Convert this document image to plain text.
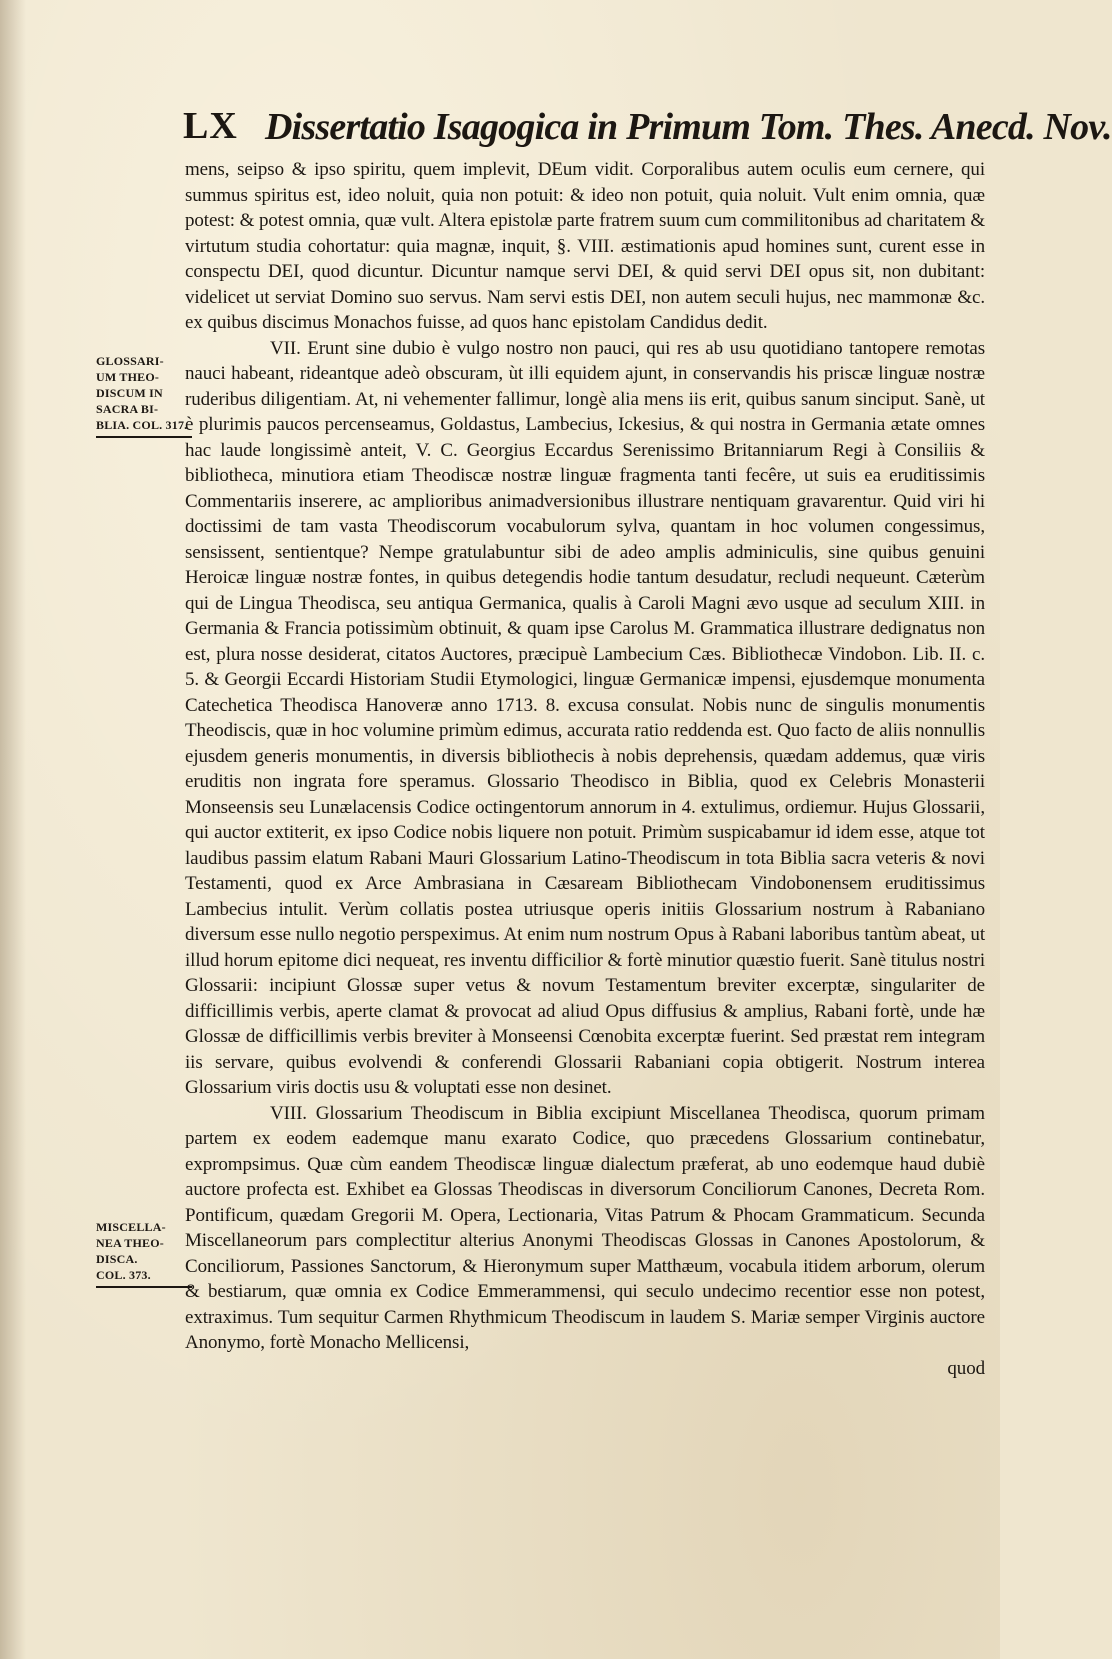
LX Dissertatio Isagogica in Primum Tom. Thes. Anecd. Nov.
GLOSSARI-
UM THEO-
DISCUM IN
SACRA BI-
BLIA. COL. 317.
MISCELLA-
NEA THEO-
DISCA.
COL. 373.

mens, seipso & ipso spiritu, quem implevit, DEum vidit. Corporalibus autem oculis eum cernere, qui summus spiritus est, ideo noluit, quia non potuit: & ideo non potuit, quia noluit. Vult enim omnia, quæ potest: & potest omnia, quæ vult. Altera epistolæ parte fratrem suum cum commilitonibus ad charitatem & virtutum studia cohortatur: quia magnæ, inquit, §. VIII. æstimationis apud homines sunt, curent esse in conspectu DEI, quod dicuntur. Dicuntur namque servi DEI, & quid servi DEI opus sit, non dubitant: videlicet ut serviat Domino suo servus. Nam servi estis DEI, non autem seculi hujus, nec mammonæ &c. ex quibus discimus Monachos fuisse, ad quos hanc epistolam Candidus dedit.

VII. Erunt sine dubio è vulgo nostro non pauci, qui res ab usu quotidiano tantopere remotas nauci habeant, rideantque adeò obscuram, ùt illi equidem ajunt, in conservandis his priscæ linguæ nostræ ruderibus diligentiam. At, ni vehementer fallimur, longè alia mens iis erit, quibus sanum sinciput. Sanè, ut è plurimis paucos percenseamus, Goldastus, Lambecius, Ickesius, & qui nostra in Germania ætate omnes hac laude longissimè anteit, V. C. Georgius Eccardus Serenissimo Britanniarum Regi à Consiliis & bibliotheca, minutiora etiam Theodiscæ nostræ linguæ fragmenta tanti fecêre, ut suis ea eruditissimis Commentariis inserere, ac amplioribus animadversionibus illustrare nentiquam gravarentur. Quid viri hi doctissimi de tam vasta Theodiscorum vocabulorum sylva, quantam in hoc volumen congessimus, sensissent, sentientque? Nempe gratulabuntur sibi de adeo amplis adminiculis, sine quibus genuini Heroicæ linguæ nostræ fontes, in quibus detegendis hodie tantum desudatur, recludi nequeunt. Cæterùm qui de Lingua Theodisca, seu antiqua Germanica, qualis à Caroli Magni ævo usque ad seculum XIII. in Germania & Francia potissimùm obtinuit, & quam ipse Carolus M. Grammatica illustrare dedignatus non est, plura nosse desiderat, citatos Auctores, præcipuè Lambecium Cæs. Bibliothecæ Vindobon. Lib. II. c. 5. & Georgii Eccardi Historiam Studii Etymologici, linguæ Germanicæ impensi, ejusdemque monumenta Catechetica Theodisca Hanoveræ anno 1713. 8. excusa consulat. Nobis nunc de singulis monumentis Theodiscis, quæ in hoc volumine primùm edimus, accurata ratio reddenda est. Quo facto de aliis nonnullis ejusdem generis monumentis, in diversis bibliothecis à nobis deprehensis, quædam addemus, quæ viris eruditis non ingrata fore speramus. Glossario Theodisco in Biblia, quod ex Celebris Monasterii Monseensis seu Lunælacensis Codice octingentorum annorum in 4. extulimus, ordiemur. Hujus Glossarii, qui auctor extiterit, ex ipso Codice nobis liquere non potuit. Primùm suspicabamur id idem esse, atque tot laudibus passim elatum Rabani Mauri Glossarium Latino-Theodiscum in tota Biblia sacra veteris & novi Testamenti, quod ex Arce Ambrasiana in Cæsaream Bibliothecam Vindobonensem eruditissimus Lambecius intulit. Verùm collatis postea utriusque operis initiis Glossarium nostrum à Rabaniano diversum esse nullo negotio perspeximus. At enim num nostrum Opus à Rabani laboribus tantùm abeat, ut illud horum epitome dici nequeat, res inventu difficilior & fortè minutior quæstio fuerit. Sanè titulus nostri Glossarii: incipiunt Glossæ super vetus & novum Testamentum breviter excerptæ, singulariter de difficillimis verbis, aperte clamat & provocat ad aliud Opus diffusius & amplius, Rabani fortè, unde hæ Glossæ de difficillimis verbis breviter à Monseensi Cœnobita excerptæ fuerint. Sed præstat rem integram iis servare, quibus evolvendi & conferendi Glossarii Rabaniani copia obtigerit. Nostrum interea Glossarium viris doctis usu & voluptati esse non desinet.

VIII. Glossarium Theodiscum in Biblia excipiunt Miscellanea Theodisca, quorum primam partem ex eodem eademque manu exarato Codice, quo præcedens Glossarium continebatur, exprompsimus. Quæ cùm eandem Theodiscæ linguæ dialectum præferat, ab uno eodemque haud dubiè auctore profecta est. Exhibet ea Glossas Theodiscas in diversorum Conciliorum Canones, Decreta Rom. Pontificum, quædam Gregorii M. Opera, Lectionaria, Vitas Patrum & Phocam Grammaticum. Secunda Miscellaneorum pars complectitur alterius Anonymi Theodiscas Glossas in Canones Apostolorum, & Conciliorum, Passiones Sanctorum, & Hieronymum super Matthæum, vocabula itidem arborum, olerum & bestiarum, quæ omnia ex Codice Emmerammensi, qui seculo undecimo recentior esse non potest, extraximus. Tum sequitur Carmen Rhythmicum Theodiscum in laudem S. Mariæ semper Virginis auctore Anonymo, fortè Monacho Mellicensi,

quod
